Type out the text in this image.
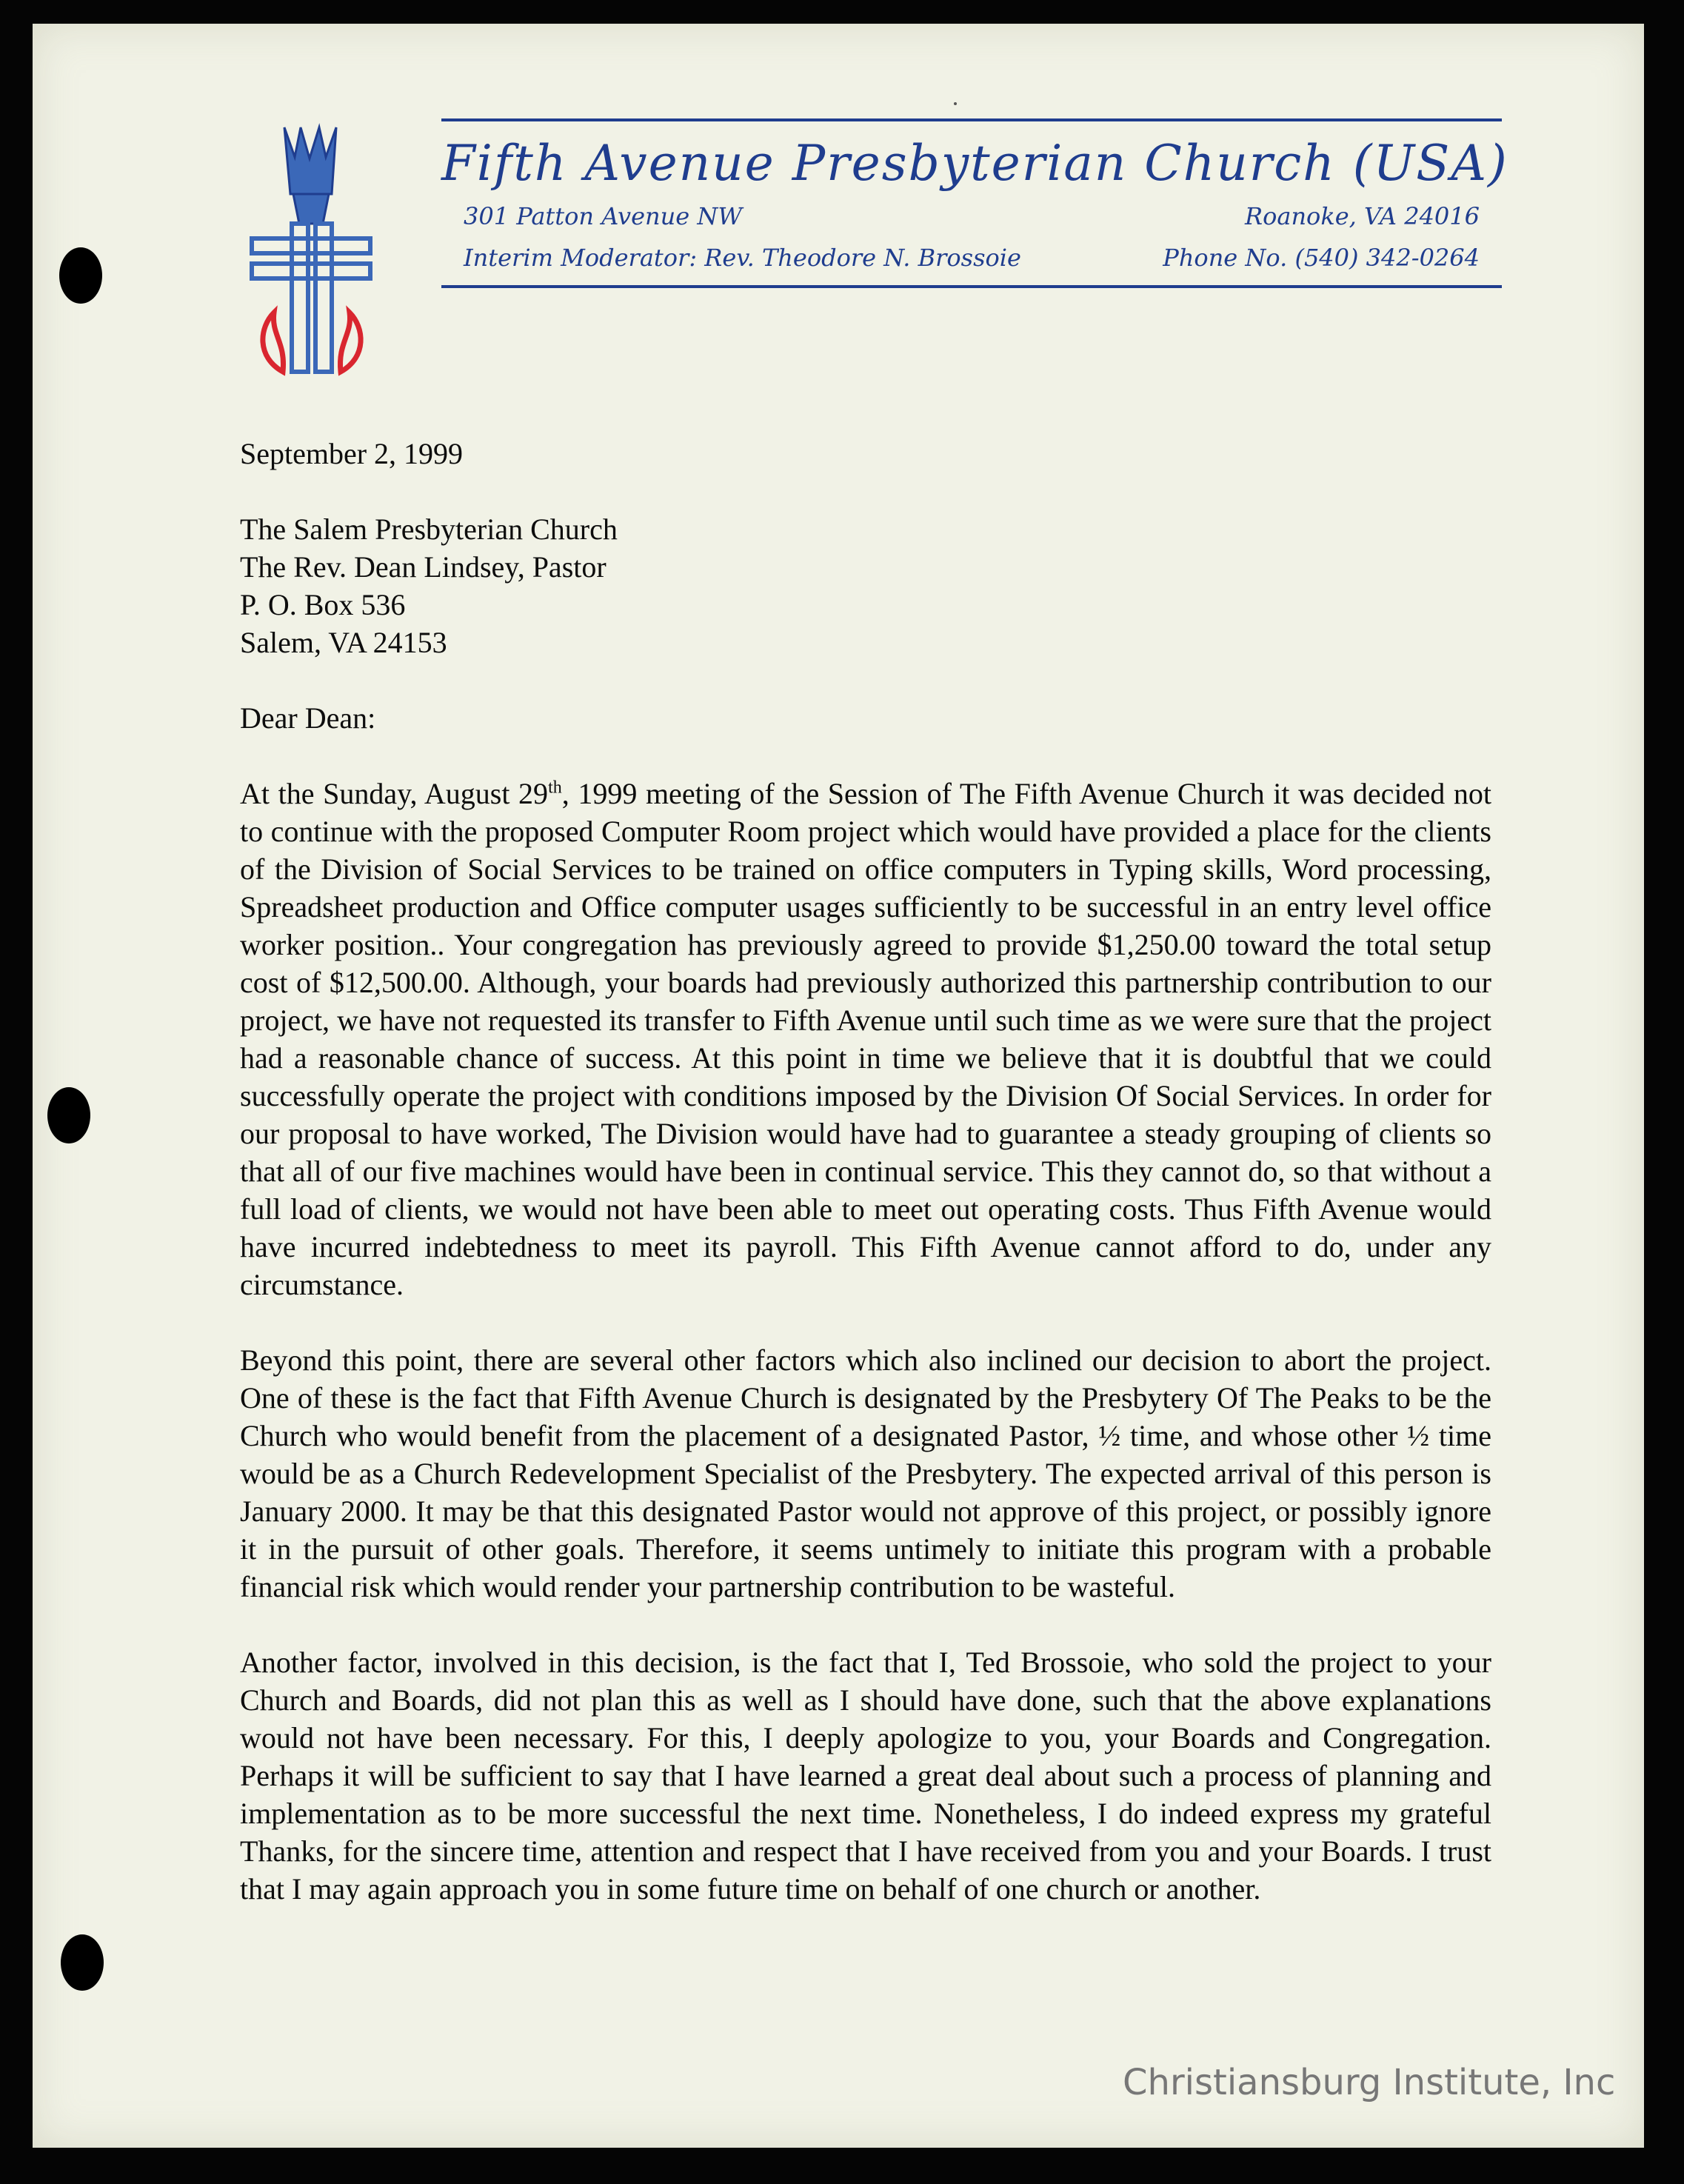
Fifth Avenue Presbyterian Church (USA)
301 Patton Avenue NW	Roanoke, VA 24016
Interim Moderator: Rev. Theodore N. Brossoie	Phone No. (540) 342-0264

September 2, 1999

The Salem Presbyterian Church

The Rev. Dean Lindsey, Pastor

P. O. Box 536

Salem, VA 24153

Dear Dean:

At the Sunday, August 29th, 1999 meeting of the Session of The Fifth Avenue Church it was decided not to continue with the proposed Computer Room project which would have provided a place for the clients of the Division of Social Services to be trained on office computers in Typing skills, Word processing, Spreadsheet production and Office computer usages sufficiently to be successful in an entry level office worker position.. Your congregation has previously agreed to provide $1,250.00 toward the total setup cost of $12,500.00. Although, your boards had previously authorized this partnership contribution to our project, we have not requested its transfer to Fifth Avenue until such time as we were sure that the project had a reasonable chance of success. At this point in time we believe that it is doubtful that we could successfully operate the project with conditions imposed by the Division Of Social Services. In order for our proposal to have worked, The Division would have had to guarantee a steady grouping of clients so that all of our five machines would have been in continual service. This they cannot do, so that without a full load of clients, we would not have been able to meet out operating costs. Thus Fifth Avenue would have incurred indebtedness to meet its payroll. This Fifth Avenue cannot afford to do, under any circumstance.

Beyond this point, there are several other factors which also inclined our decision to abort the project. One of these is the fact that Fifth Avenue Church is designated by the Presbytery Of The Peaks to be the Church who would benefit from the placement of a designated Pastor, ½ time, and whose other ½ time would be as a Church Redevelopment Specialist of the Presbytery. The expected arrival of this person is January 2000. It may be that this designated Pastor would not approve of this project, or possibly ignore it in the pursuit of other goals. Therefore, it seems untimely to initiate this program with a probable financial risk which would render your partnership contribution to be wasteful.

Another factor, involved in this decision, is the fact that I, Ted Brossoie, who sold the project to your Church and Boards, did not plan this as well as I should have done, such that the above explanations would not have been necessary. For this, I deeply apologize to you, your Boards and Congregation. Perhaps it will be sufficient to say that I have learned a great deal about such a process of planning and implementation as to be more successful the next time. Nonetheless, I do indeed express my grateful Thanks, for the sincere time, attention and respect that I have received from you and your Boards. I trust that I may again approach you in some future time on behalf of one church or another.

Christiansburg Institute, Inc
